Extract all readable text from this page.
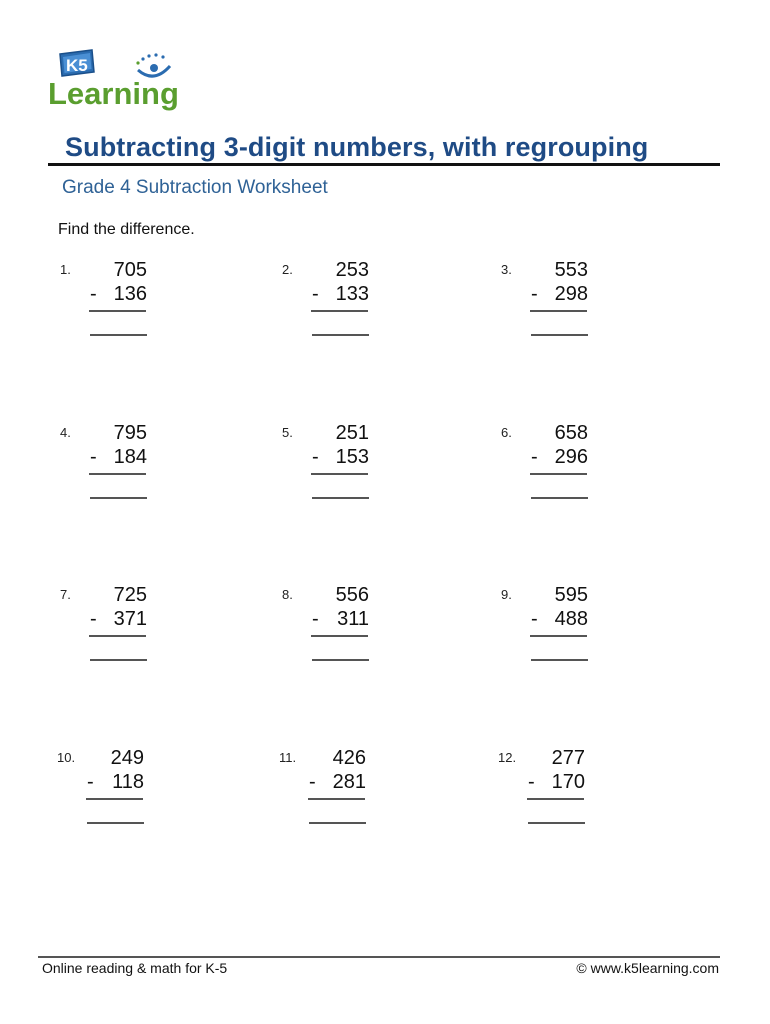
K5
Learning
Subtracting 3-digit numbers, with regrouping
Grade 4 Subtraction Worksheet
Find the difference.
1. 705
- 136
2. 253
- 133
3. 553
- 298
4. 795
- 184
5. 251
- 153
6. 658
- 296
7. 725
- 371
8. 556
- 311
9. 595
- 488
10. 249
- 118
11. 426
- 281
12. 277
- 170
Online reading & math for K-5	© www.k5learning.com
